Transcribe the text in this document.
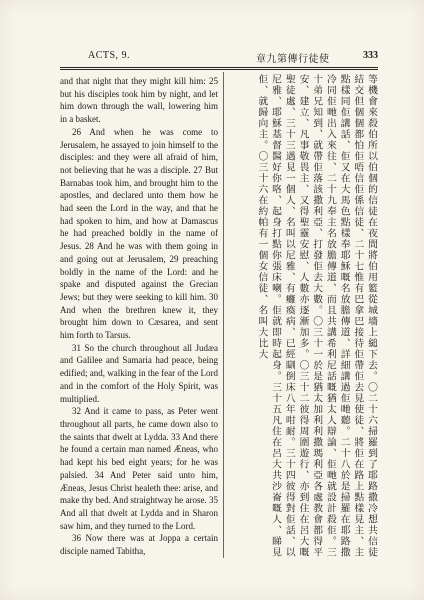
ACTS, 9.	章九第傳行徒使	333

and that night that they might kill him: 25 but his disciples took him by night, and let him down through the wall, lowering him in a basket.

26 And when he was come to Jerusalem, he assayed to join himself to the disciples: and they were all afraid of him, not believing that he was a disciple. 27 But Barnabas took him, and brought him to the apostles, and declared unto them how he had seen the Lord in the way, and that he had spoken to him, and how at Damascus he had preached boldly in the name of Jesus. 28 And he was with them going in and going out at Jerusalem, 29 preaching boldly in the name of the Lord: and he spake and disputed against the Grecian Jews; but they were seeking to kill him. 30 And when the brethren knew it, they brought him down to Cæsarea, and sent him forth to Tarsus.

31 So the church throughout all Judæa and Galilee and Samaria had peace, being edified; and, walking in the fear of the Lord and in the comfort of the Holy Spirit, was multiplied.

32 And it came to pass, as Peter went throughout all parts, he came down also to the saints that dwelt at Lydda. 33 And there he found a certain man named Æneas, who had kept his bed eight years; for he was palsied. 34 And Peter said unto him, Æneas, Jesus Christ healeth thee: arise, and make thy bed. And straightway he arose. 35 And all that dwelt at Lydda and in Sharon saw him, and they turned to the Lord.

36 Now there was at Joppa a certain disciple named Tabitha,	等機會來殺伯所以伯個的信徒在夜間將伯用籃從城墻上縋下去。〇二十六掃羅到了耶路撒冷想共信徒結交但個個都怕佢唔信佢係信徒、二十七惟有巴拿巴接待佢帶佢去見使徒、將佢在路上點樣見主、主點樣同佢講話、佢又在大馬色點樣奉耶穌嘅名放膽傳道、詳細講過佢哋聽。二十八於是掃羅在耶路撒冷同佢哋出入來往、二十九奉主名放膽傳道、而且共講希利尼話嘅猶太人辯論、佢哋就設計殺佢。三十弟兄知到、就帶佢落該撒利亞、打發佢去大數。〇三十一於是猶太加利利撒瑪利亞各處教會都得平安、建立、凡事敬畏主、又得聖靈安慰、人數亦逐漸加多。〇三十二彼得周圍遊行、亦到住在呂大嘅聖徒處、三十三遇見一個人、名叫以尼雅、有癱瘓病、已經瞓倒床八年咁耐。三十四彼得對佢話、以尼雅、耶穌基督醫好你咯、起身打點你張床喇。佢就即時起身。三十五凡住在呂大共沙崙嘅人、睇見佢、就歸向主。〇三十六在約帕有一個女信徒、名叫大比大
